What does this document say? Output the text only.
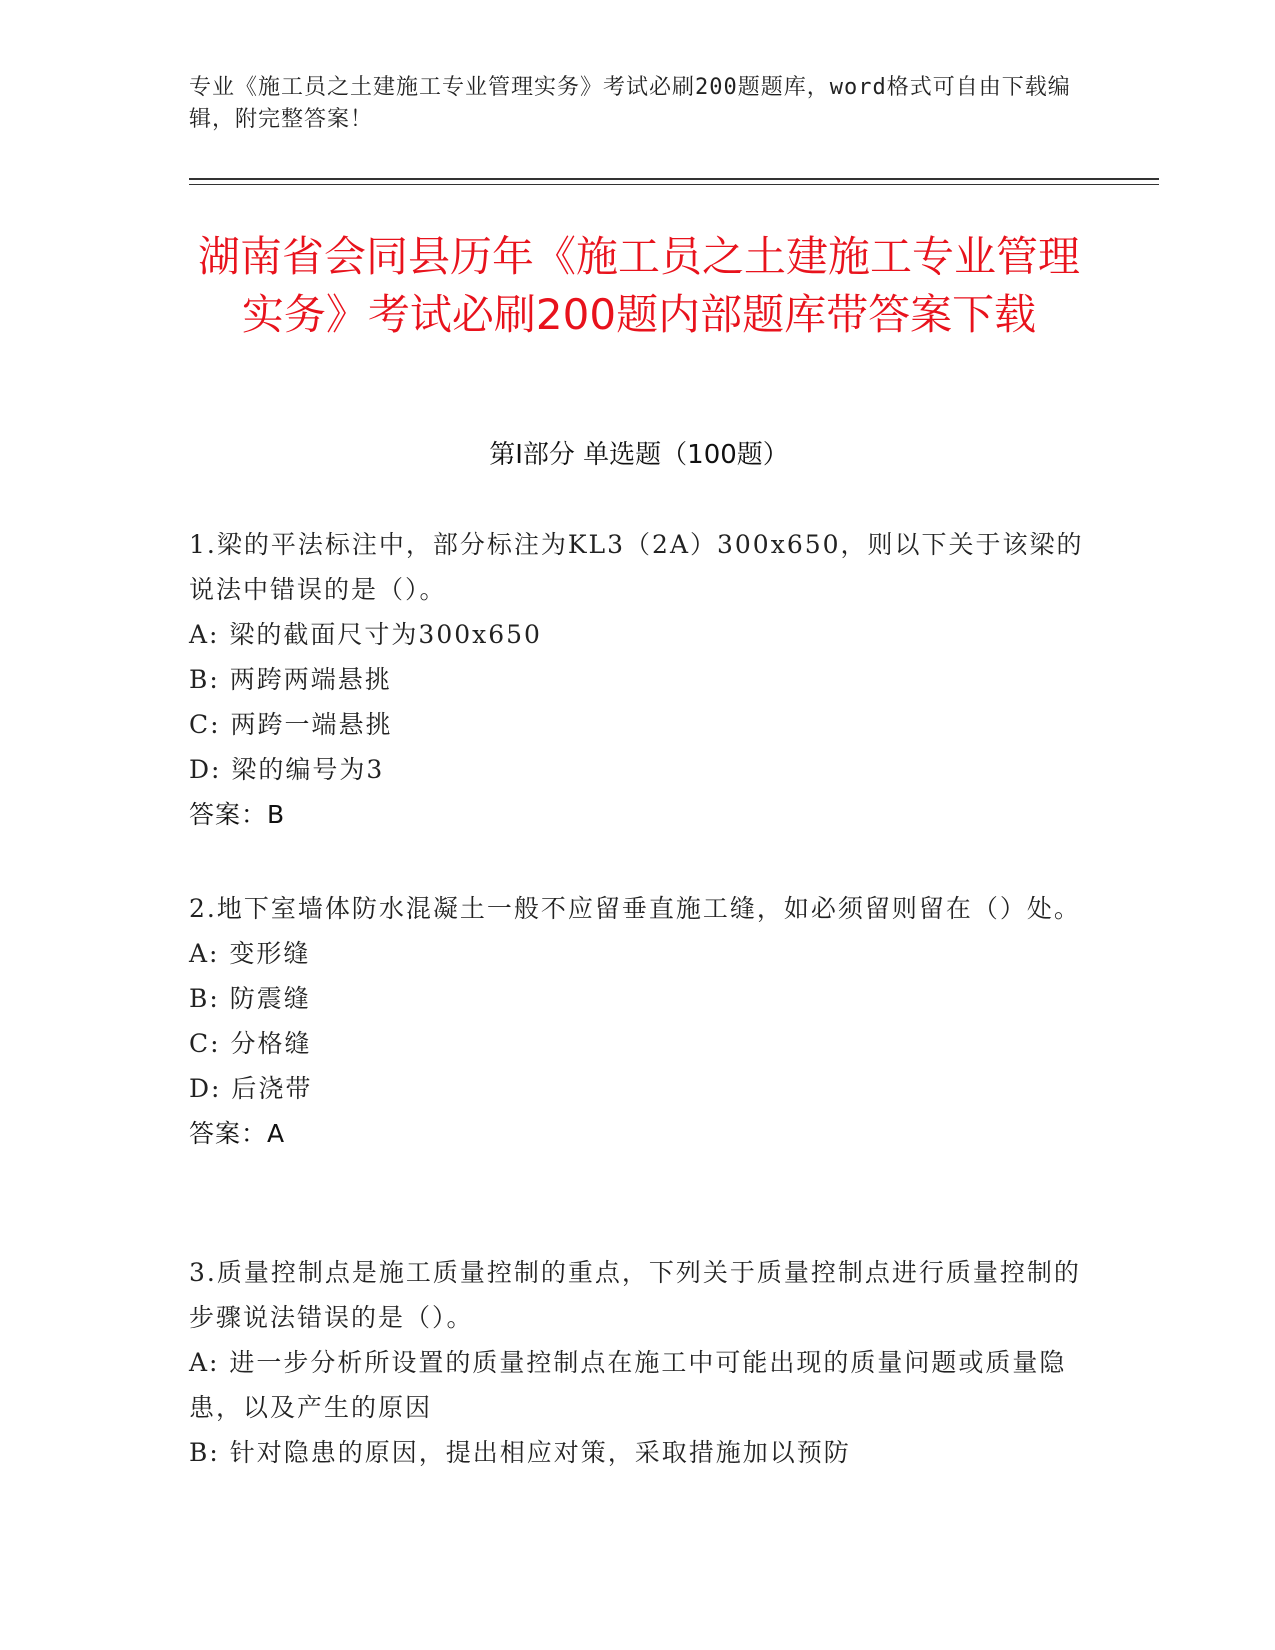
专业《施工员之土建施工专业管理实务》考试必刷200题题库，word格式可自由下载编辑，附完整答案！
湖南省会同县历年《施工员之土建施工专业管理实务》考试必刷200题内部题库带答案下载
第Ⅰ部分 单选题（100题）
1.梁的平法标注中，部分标注为KL3（2A）300x650，则以下关于该梁的说法中错误的是（）。
A: 梁的截面尺寸为300x650
B: 两跨两端悬挑
C: 两跨一端悬挑
D: 梁的编号为3
答案：B
2.地下室墙体防水混凝土一般不应留垂直施工缝，如必须留则留在（）处。
A: 变形缝
B: 防震缝
C: 分格缝
D: 后浇带
答案：A
3.质量控制点是施工质量控制的重点，下列关于质量控制点进行质量控制的步骤说法错误的是（）。
A: 进一步分析所设置的质量控制点在施工中可能出现的质量问题或质量隐患，以及产生的原因
B: 针对隐患的原因，提出相应对策，采取措施加以预防
